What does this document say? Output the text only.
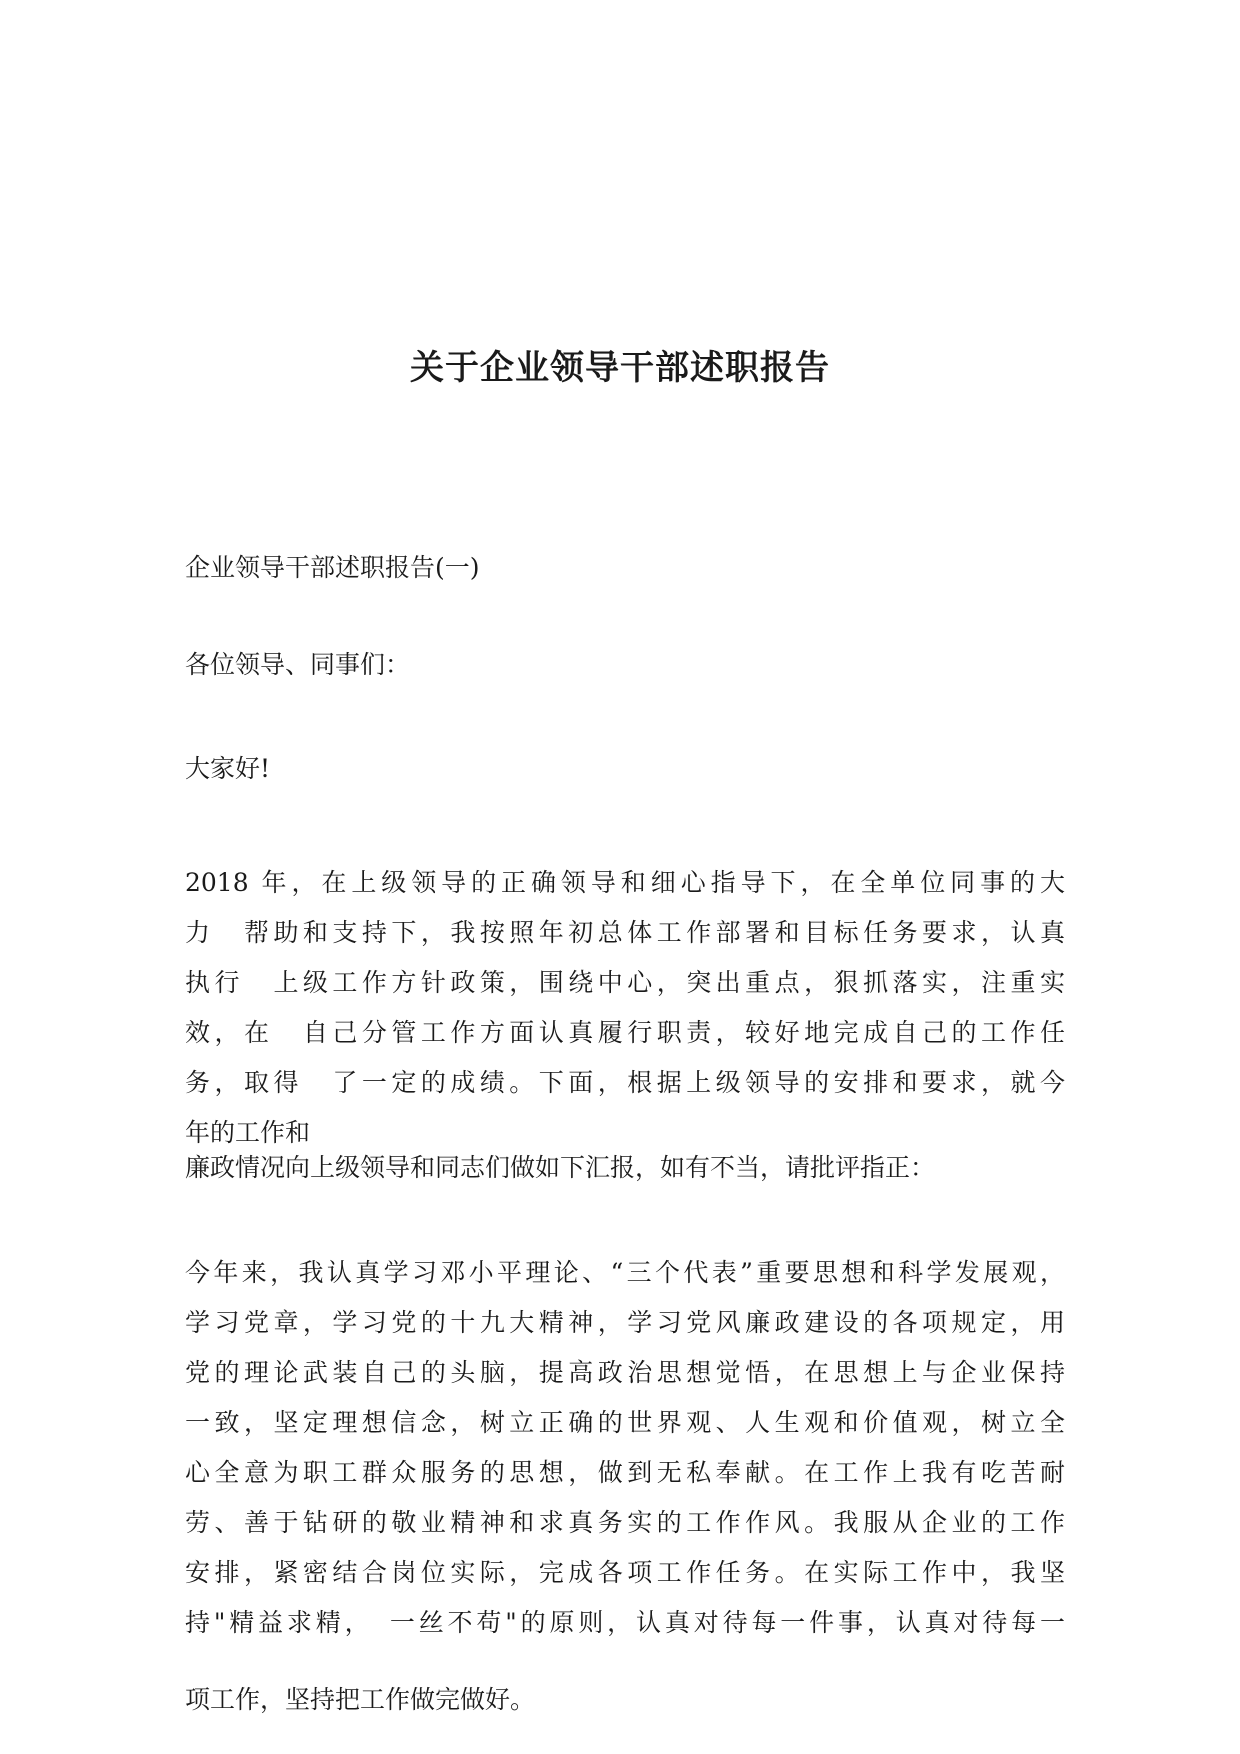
关于企业领导干部述职报告

企业领导干部述职报告(一)

各位领导、同事们：

大家好!

2018 年，在上级领导的正确领导和细心指导下，在全单位同事的大
力　帮助和支持下，我按照年初总体工作部署和目标任务要求，认真
执行　上级工作方针政策，围绕中心，突出重点，狠抓落实，注重实
效，在　自己分管工作方面认真履行职责，较好地完成自己的工作任
务，取得　了一定的成绩。下面，根据上级领导的安排和要求，就今
年的工作和

廉政情况向上级领导和同志们做如下汇报，如有不当，请批评指正：

今年来，我认真学习邓小平理论、“三个代表”重要思想和科学发展观，
学习党章，学习党的十九大精神，学习党风廉政建设的各项规定，用
党的理论武装自己的头脑，提高政治思想觉悟，在思想上与企业保持
一致，坚定理想信念，树立正确的世界观、人生观和价值观，树立全
心全意为职工群众服务的思想，做到无私奉献。在工作上我有吃苦耐
劳、善于钻研的敬业精神和求真务实的工作作风。我服从企业的工作
安排，紧密结合岗位实际，完成各项工作任务。在实际工作中，我坚
持"精益求精，　一丝不苟"的原则，认真对待每一件事，认真对待每一

项工作，坚持把工作做完做好。
